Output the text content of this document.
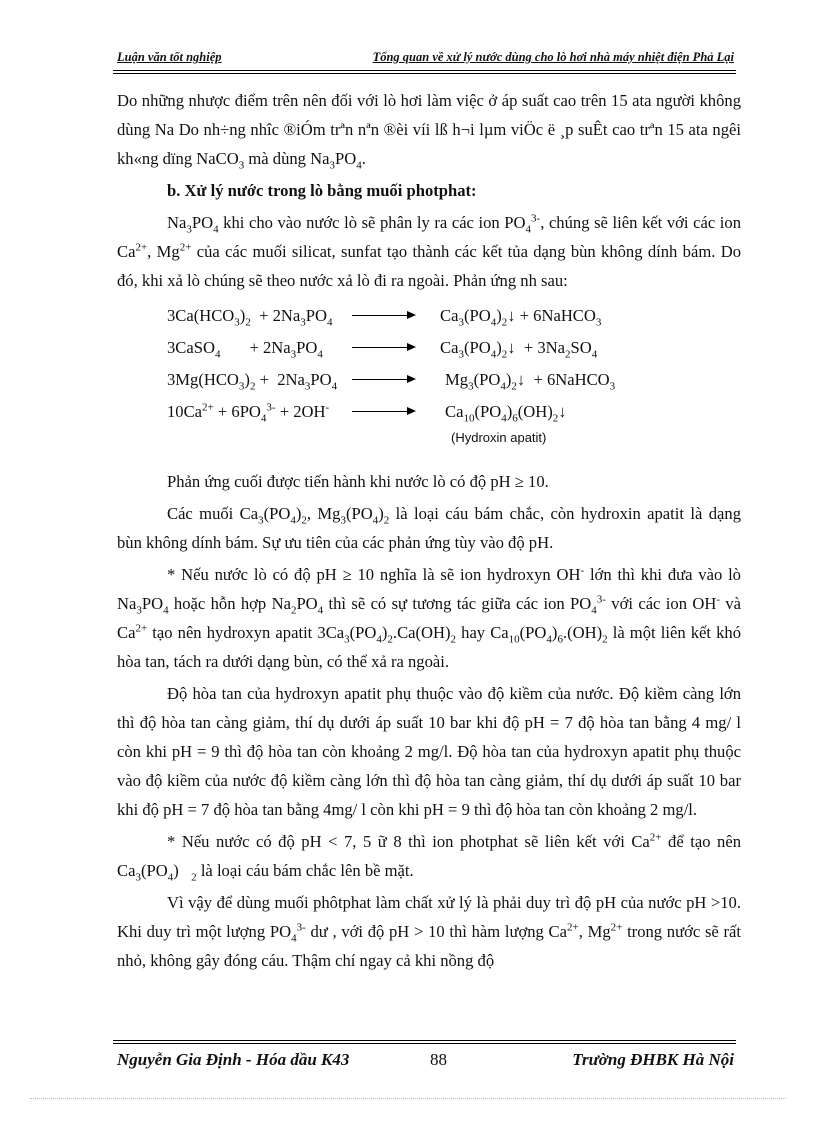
Luận văn tốt nghiệp	Tổng quan về xử lý nước dùng cho lò hơi nhà máy nhiệt điện Phả Lại

Do những nhược điểm trên nên đối với lò hơi làm việc ở áp suất cao trên 15 ata người không dùng Na Do nh÷ng nhîc ®iÓm trªn nªn ®èi víi lß h¬i lµm viÖc ë ¸p suÊt cao trªn 15 ata ngêi kh«ng dïng NaCO$_3$ mà dùng $Na_3PO_4$.

b. Xử lý nước trong lò bằng muối photphat:

$Na_3PO_4$ khi cho vào nước lò sẽ phân ly ra các ion $PO_4^{3-}$, chúng sẽ liên kết với các ion $Ca^{2+}$, $Mg^{2+}$ của các muối silicat, sunfat tạo thành các kết tủa dạng bùn không dính bám. Do đó, khi xả lò chúng sẽ theo nước xả lò đi ra ngoài. Phản ứng nh sau:

$3Ca(HCO_3)_2 + 2Na_3PO_4$	$Ca_3(PO_4)_2↓$ + 6NaHCO$_3$
3CaSO$_4$       + $2Na_3PO_4$	$Ca_3(PO_4)_2↓ + 3Na_2SO_4$
$3Mg(HCO_3)_2 + 2Na_3PO_4$	$Mg_3(PO_4)_2↓$  + 6NaHCO$_3$
$10Ca^{2+} + 6PO_4^{3-} + 2OH^-$	$Ca_{10}(PO_4)_6(OH)_2↓$
(Hydroxin apatit)

Phản ứng cuối được tiến hành khi nước lò có độ pH ≥ 10.

Các muối $Ca_3(PO_4)_2$, $Mg_3(PO_4)_2$ là loại cáu bám chắc, còn hydroxin apatit là dạng bùn không dính bám. Sự ưu tiên của các phản ứng tùy vào độ pH.

* Nếu nước lò có độ pH ≥ 10 nghĩa là sẽ ion hydroxyn OH- lớn thì khi đưa vào lò $Na_3PO_4$ hoặc hỗn hợp $Na_2PO_4$ thì sẽ có sự tương tác giữa các ion $PO_4^{3-}$ với các ion OH- và $Ca^{2+}$ tạo nên hydroxyn apatit $3Ca_3(PO_4)_2.Ca(OH)_2$ hay $Ca_{10}(PO_4)_6.(OH)_2$ là một liên kết khó hòa tan, tách ra dưới dạng bùn, có thể xả ra ngoài.

Độ hòa tan của hydroxyn apatit phụ thuộc vào độ kiềm của nước. Độ kiềm càng lớn thì độ hòa tan càng giảm, thí dụ dưới áp suất 10 bar khi độ pH = 7 độ hòa tan bằng 4 mg/ l còn khi pH = 9 thì độ hòa tan còn khoảng 2 mg/l. Độ hòa tan của hydroxyn apatit phụ thuộc vào độ kiềm của nước độ kiềm càng lớn thì độ hòa tan càng giảm, thí dụ dưới áp suất 10 bar khi độ pH = 7 độ hòa tan bằng 4mg/ l còn khi pH = 9 thì độ hòa tan còn khoảng 2 mg/l.

* Nếu nước có độ pH < 7, 5 ữ 8 thì ion photphat sẽ liên kết với $Ca^{2+}$ để tạo nên $Ca_3(PO_4)$   $_2$ là loại cáu bám chắc lên bề mặt.

Vì vậy để dùng muối phôtphat làm chất xử lý là phải duy trì độ pH của nước pH >10. Khi duy trì một lượng $PO_4^{3-}$ dư , với độ pH > 10 thì hàm lượng $Ca^{2+}$, $Mg^{2+}$ trong nước sẽ rất nhỏ, không gây đóng cáu. Thậm chí ngay cả khi nồng độ

Nguyễn Gia Định - Hóa dầu K43	88	Trường ĐHBK Hà Nội
